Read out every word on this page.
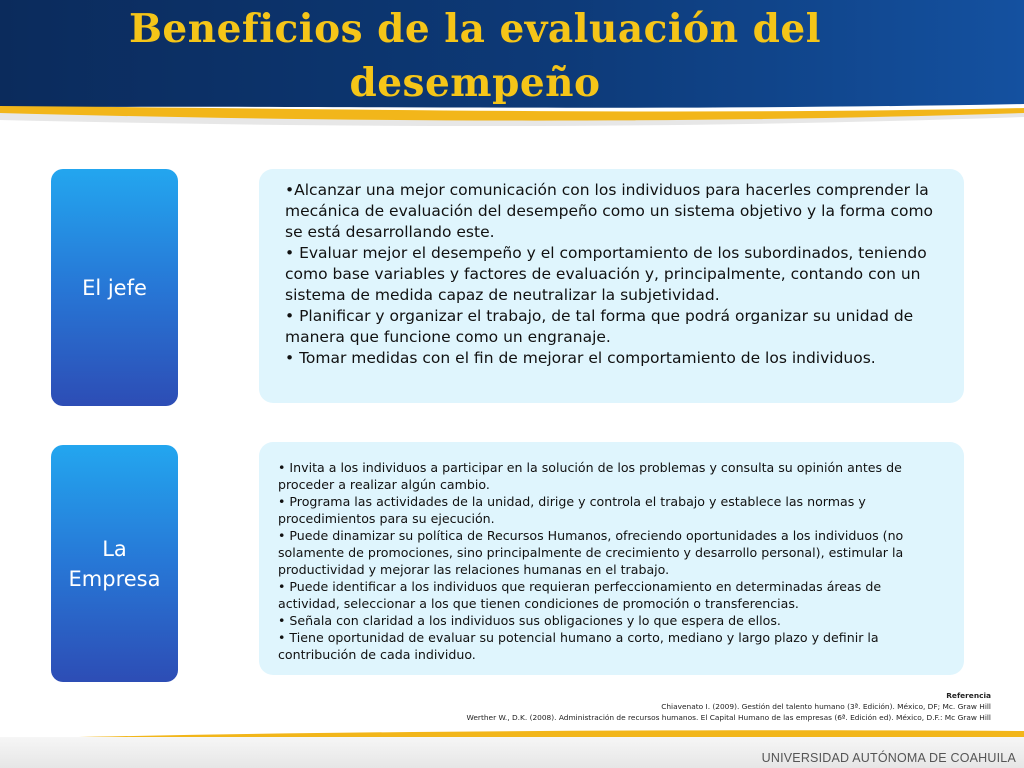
Beneficios de la evaluación del desempeño
El jefe

•Alcanzar una mejor comunicación con los individuos para hacerles comprender la mecánica de evaluación del desempeño como un sistema objetivo y la forma como se está desarrollando este.

• Evaluar mejor el desempeño y el comportamiento de los subordinados, teniendo como base variables y factores de evaluación y, principalmente, contando con un sistema de medida capaz de neutralizar la subjetividad.

• Planificar y organizar el trabajo, de tal forma que podrá organizar su unidad de manera que funcione como un engranaje.

• Tomar medidas con el fin de mejorar el comportamiento de los individuos.

La Empresa

• Invita a los individuos a participar en la solución de los problemas y consulta su opinión antes de proceder a realizar algún cambio.

• Programa las actividades de la unidad, dirige y controla el trabajo y establece las normas y procedimientos para su ejecución.

• Puede dinamizar su política de Recursos Humanos, ofreciendo oportunidades a los individuos (no solamente de promociones, sino principalmente de crecimiento y desarrollo personal), estimular la productividad y mejorar las relaciones humanas en el trabajo.

• Puede identificar a los individuos que requieran perfeccionamiento en determinadas áreas de actividad, seleccionar a los que tienen condiciones de promoción o transferencias.

• Señala con claridad a los individuos sus obligaciones y lo que espera de ellos.

• Tiene oportunidad de evaluar su potencial humano a corto, mediano y largo plazo y definir la contribución de cada individuo.

Referencia
Chiavenato I. (2009). Gestión del talento humano (3ª. Edición). México, DF; Mc. Graw Hill
Werther W., D.K. (2008). Administración de recursos humanos. El Capital Humano de las empresas (6ª. Edición ed). México, D.F.: Mc Graw Hill
UNIVERSIDAD AUTÓNOMA DE COAHUILA
